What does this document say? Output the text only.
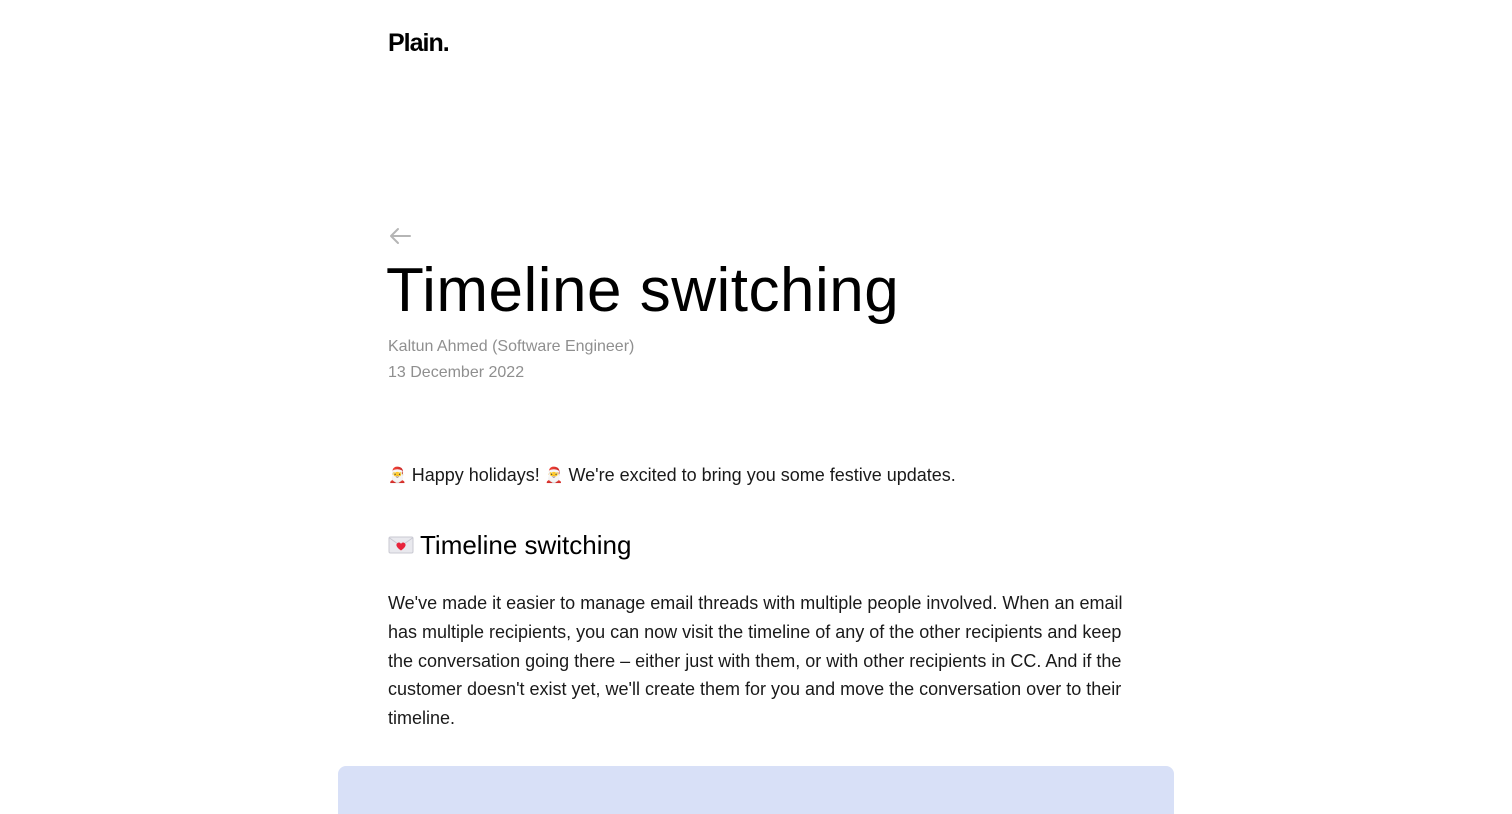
Plain.
Timeline switching

Kaltun Ahmed (Software Engineer)

13 December 2022

🎅 Happy holidays! 🎅 We're excited to bring you some festive updates.

Timeline switching

We've made it easier to manage email threads with multiple people involved. When an email has multiple recipients, you can now visit the timeline of any of the other recipients and keep the conversation going there – either just with them, or with other recipients in CC. And if the customer doesn't exist yet, we'll create them for you and move the conversation over to their timeline.
